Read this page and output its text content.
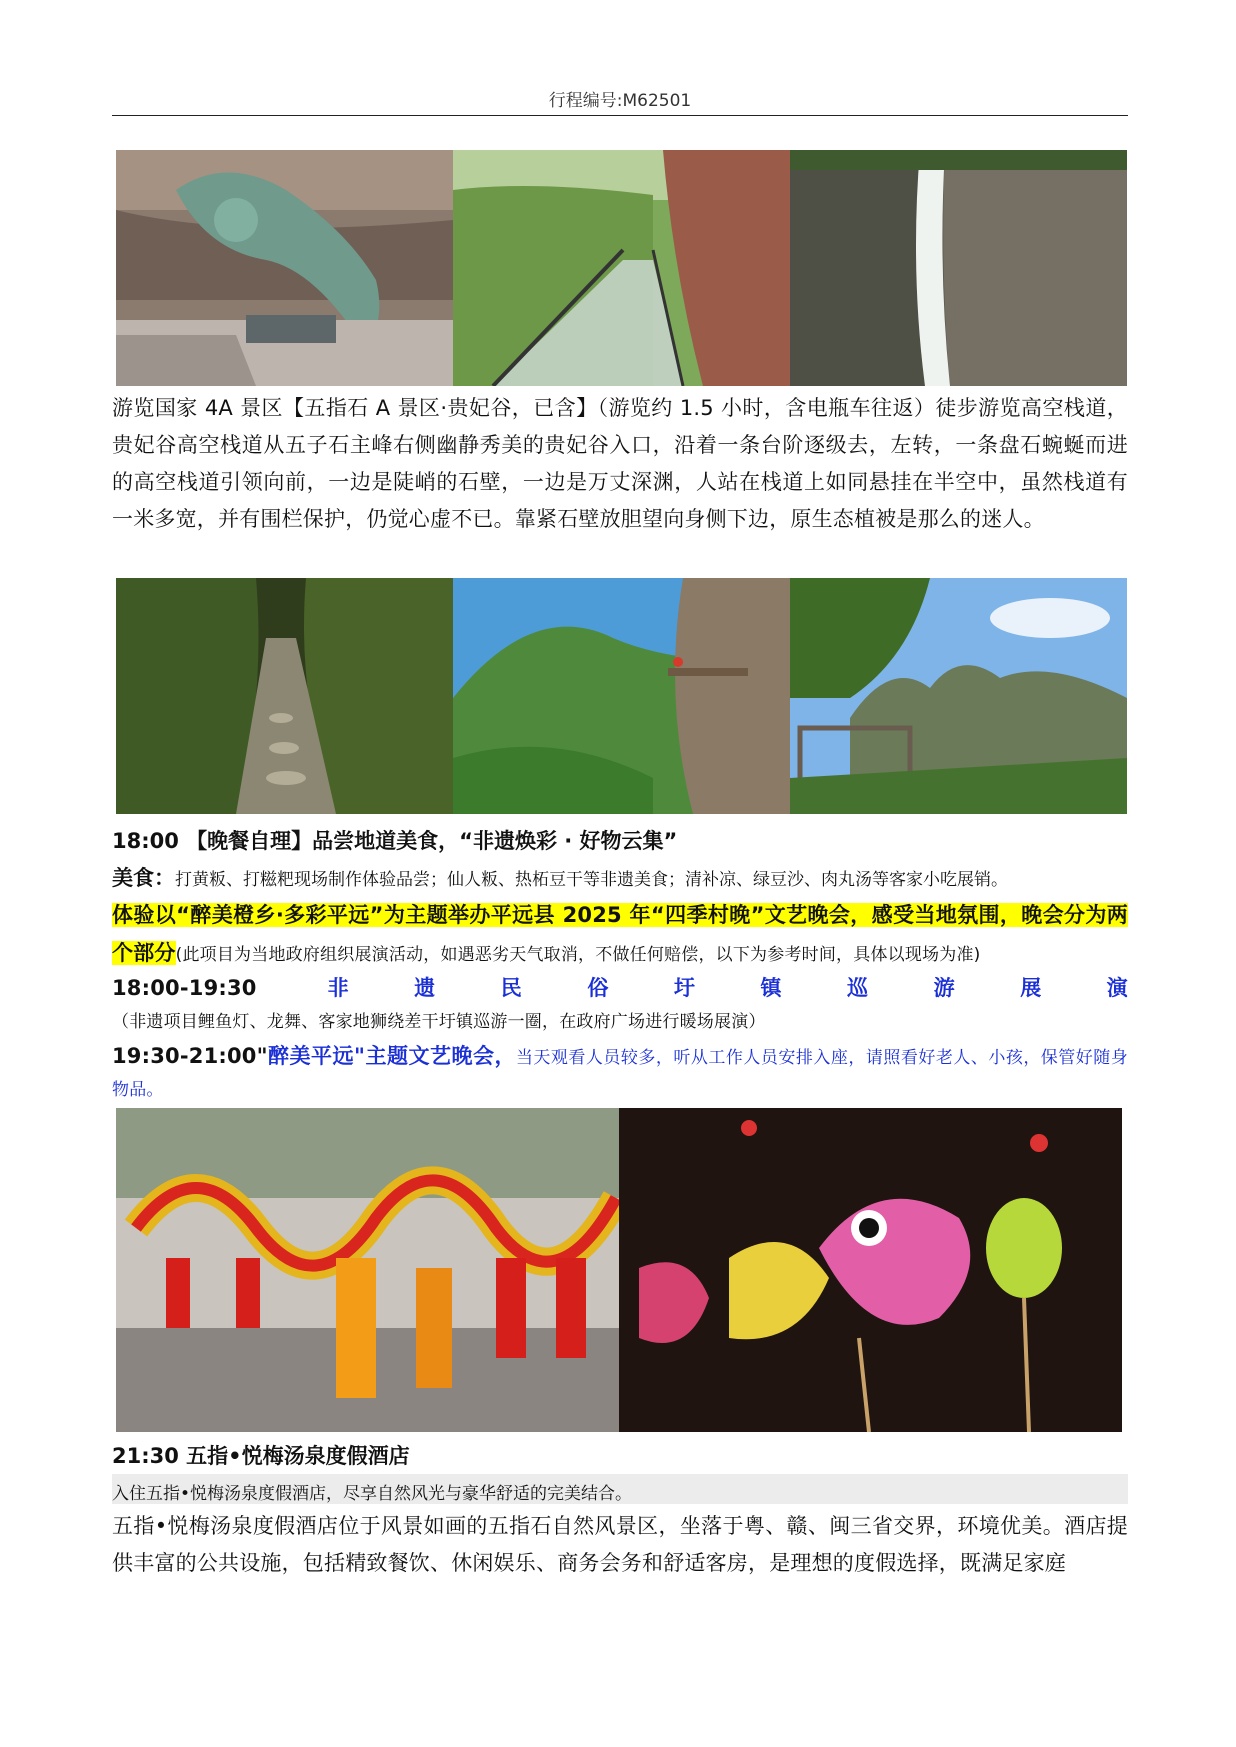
行程编号:M62501
游览国家 4A 景区【五指石 A 景区·贵妃谷，已含】（游览约 1.5 小时，含电瓶车往返）徒步游览高空栈道，贵妃谷高空栈道从五子石主峰右侧幽静秀美的贵妃谷入口，沿着一条台阶逐级去，左转，一条盘石蜿蜒而进的高空栈道引领向前，一边是陡峭的石壁，一边是万丈深渊，人站在栈道上如同悬挂在半空中，虽然栈道有一米多宽，并有围栏保护，仍觉心虚不已。靠紧石壁放胆望向身侧下边，原生态植被是那么的迷人。
18:00 【晚餐自理】品尝地道美食，“非遗焕彩 · 好物云集”
美食：打黄粄、打糍粑现场制作体验品尝；仙人粄、热柘豆干等非遗美食；清补凉、绿豆沙、肉丸汤等客家小吃展销。
体验以“醉美橙乡·多彩平远”为主题举办平远县 2025 年“四季村晚”文艺晚会，感受当地氛围，晚会分为两个部分(此项目为当地政府组织展演活动，如遇恶劣天气取消，不做任何赔偿，以下为参考时间，具体以现场为准)
18:00-19:30	非遗民俗圩镇巡游展演 （非遗项目鲤鱼灯、龙舞、客家地狮绕差干圩镇巡游一圈，在政府广场进行暖场展演）
19:30-21:00"醉美平远"主题文艺晚会，当天观看人员较多，听从工作人员安排入座，请照看好老人、小孩，保管好随身物品。
21:30 五指•悦梅汤泉度假酒店
入住五指•悦梅汤泉度假酒店，尽享自然风光与豪华舒适的完美结合。
五指•悦梅汤泉度假酒店位于风景如画的五指石自然风景区，坐落于粤、赣、闽三省交界，环境优美。酒店提供丰富的公共设施，包括精致餐饮、休闲娱乐、商务会务和舒适客房，是理想的度假选择，既满足家庭
